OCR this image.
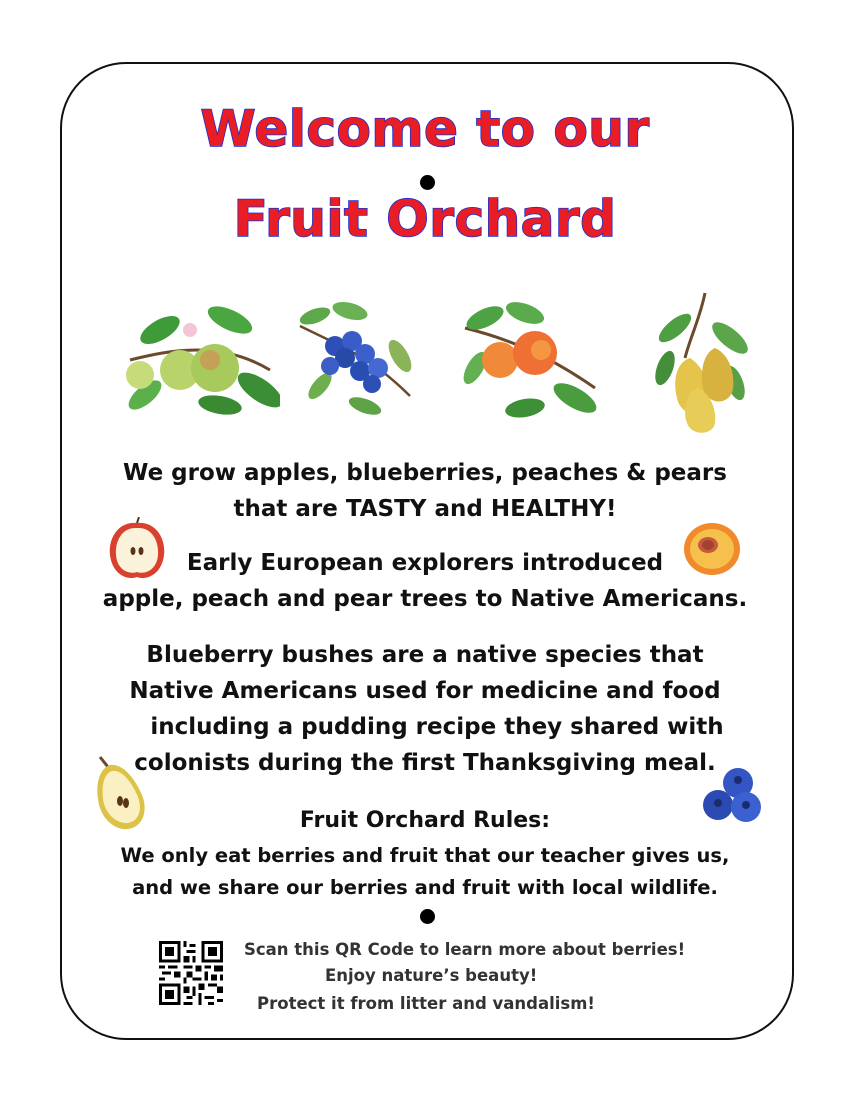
Welcome to our
Fruit Orchard
We grow apples, blueberries, peaches & pears
that are TASTY and HEALTHY!
Early European explorers introduced
apple, peach and pear trees to Native Americans.
Blueberry bushes are a native species that
Native Americans used for medicine and food
including a pudding recipe they shared with
colonists during the first Thanksgiving meal.
Fruit Orchard Rules:
We only eat berries and fruit that our teacher gives us,
and we share our berries and fruit with local wildlife.
Scan this QR Code to learn more about berries!
Enjoy nature’s beauty!
Protect it from litter and vandalism!
